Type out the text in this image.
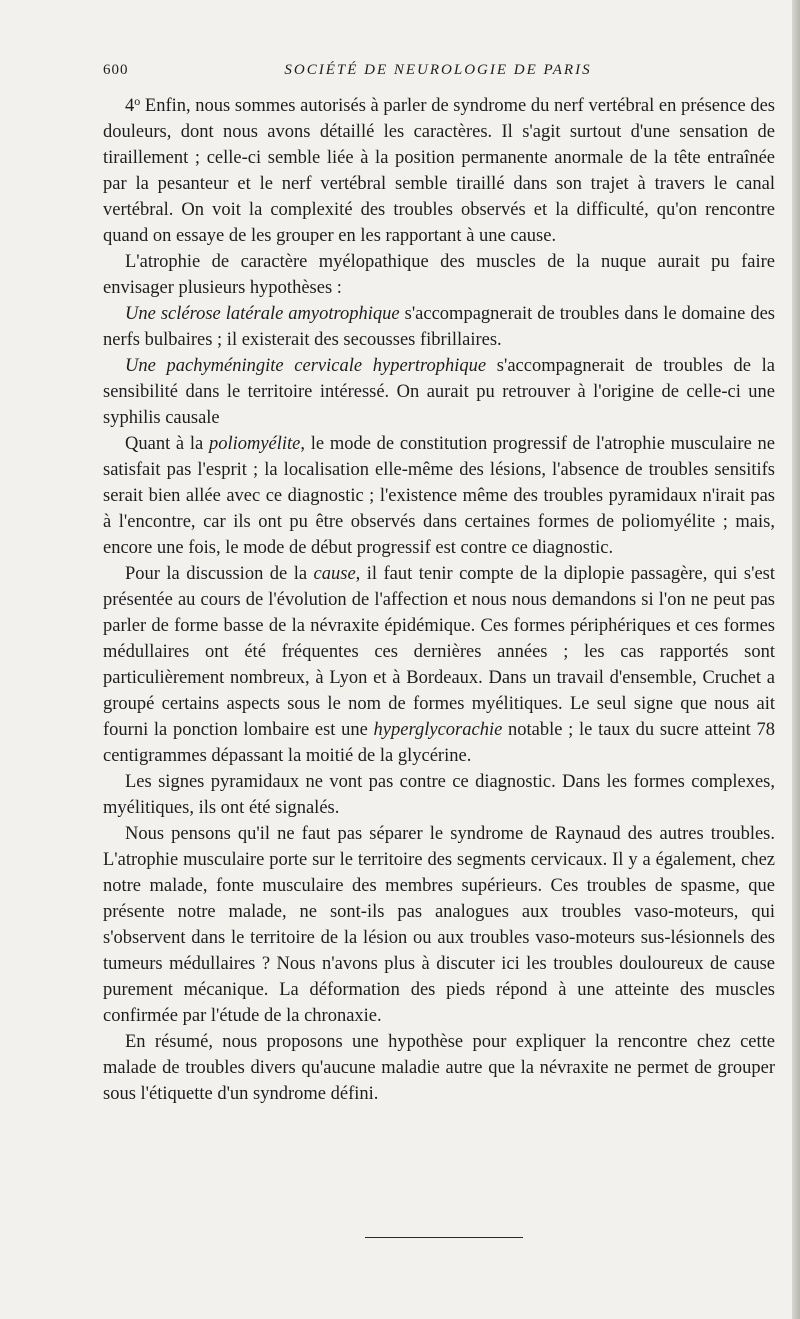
600	SOCIÉTÉ DE NEUROLOGIE DE PARIS

4$^o$ Enfin, nous sommes autorisés à parler de syndrome du nerf vertébral en présence des douleurs, dont nous avons détaillé les caractères. Il s'agit surtout d'une sensation de tiraillement ; celle-ci semble liée à la position permanente anormale de la tête entraînée par la pesanteur et le nerf vertébral semble tiraillé dans son trajet à travers le canal vertébral. On voit la complexité des troubles observés et la difficulté, qu'on rencontre quand on essaye de les grouper en les rapportant à une cause.

L'atrophie de caractère myélopathique des muscles de la nuque aurait pu faire envisager plusieurs hypothèses :

Une sclérose latérale amyotrophique s'accompagnerait de troubles dans le domaine des nerfs bulbaires ; il existerait des secousses fibrillaires.

Une pachyméningite cervicale hypertrophique s'accompagnerait de troubles de la sensibilité dans le territoire intéressé. On aurait pu retrouver à l'origine de celle-ci une syphilis causale

Quant à la poliomyélite, le mode de constitution progressif de l'atrophie musculaire ne satisfait pas l'esprit ; la localisation elle-même des lésions, l'absence de troubles sensitifs serait bien allée avec ce diagnostic ; l'existence même des troubles pyramidaux n'irait pas à l'encontre, car ils ont pu être observés dans certaines formes de poliomyélite ; mais, encore une fois, le mode de début progressif est contre ce diagnostic.

Pour la discussion de la cause, il faut tenir compte de la diplopie passagère, qui s'est présentée au cours de l'évolution de l'affection et nous nous demandons si l'on ne peut pas parler de forme basse de la névraxite épidémique. Ces formes périphériques et ces formes médullaires ont été fréquentes ces dernières années ; les cas rapportés sont particulièrement nombreux, à Lyon et à Bordeaux. Dans un travail d'ensemble, Cruchet a groupé certains aspects sous le nom de formes myélitiques. Le seul signe que nous ait fourni la ponction lombaire est une hyperglycorachie notable ; le taux du sucre atteint 78 centigrammes dépassant la moitié de la glycérine.

Les signes pyramidaux ne vont pas contre ce diagnostic. Dans les formes complexes, myélitiques, ils ont été signalés.

Nous pensons qu'il ne faut pas séparer le syndrome de Raynaud des autres troubles. L'atrophie musculaire porte sur le territoire des segments cervicaux. Il y a également, chez notre malade, fonte musculaire des membres supérieurs. Ces troubles de spasme, que présente notre malade, ne sont-ils pas analogues aux troubles vaso-moteurs, qui s'observent dans le territoire de la lésion ou aux troubles vaso-moteurs sus-lésionnels des tumeurs médullaires ? Nous n'avons plus à discuter ici les troubles douloureux de cause purement mécanique. La déformation des pieds répond à une atteinte des muscles confirmée par l'étude de la chronaxie.

En résumé, nous proposons une hypothèse pour expliquer la rencontre chez cette malade de troubles divers qu'aucune maladie autre que la névraxite ne permet de grouper sous l'étiquette d'un syndrome défini.
